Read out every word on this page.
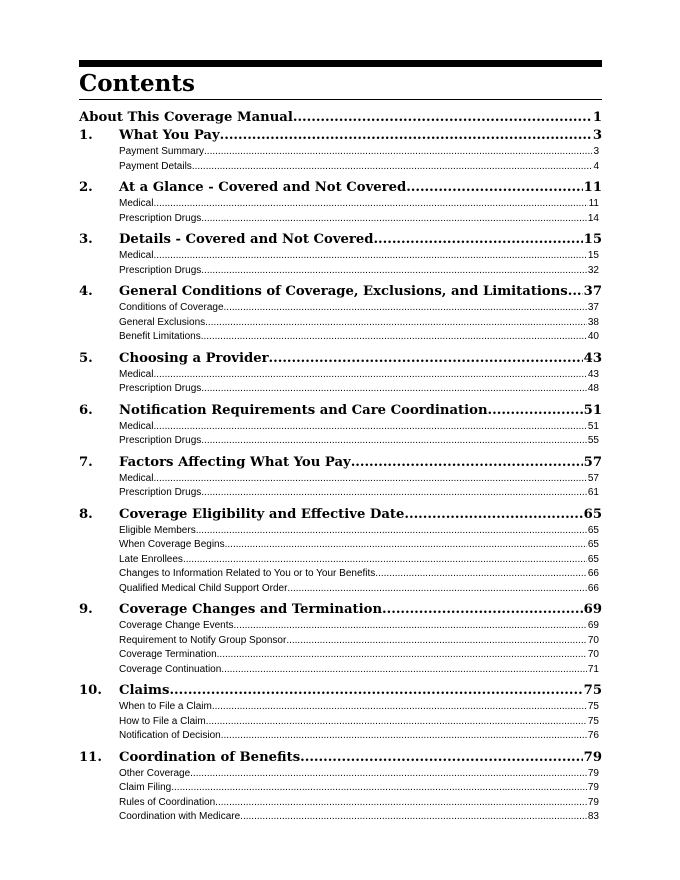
Contents
About This Coverage Manual .....	1
1.	What You Pay .....	3
Payment Summary .....	3
Payment Details .....	4
2.	At a Glance - Covered and Not Covered .....	11
Medical .....	11
Prescription Drugs .....	14
3.	Details - Covered and Not Covered .....	15
Medical .....	15
Prescription Drugs .....	32
4.	General Conditions of Coverage, Exclusions, and Limitations ..... 37
Conditions of Coverage .....	37
General Exclusions .....	38
Benefit Limitations .....	40
5.	Choosing a Provider .....	43
Medical .....	43
Prescription Drugs .....	48
6.	Notification Requirements and Care Coordination .....	51
Medical .....	51
Prescription Drugs .....	55
7.	Factors Affecting What You Pay .....	57
Medical .....	57
Prescription Drugs .....	61
8.	Coverage Eligibility and Effective Date .....	65
Eligible Members .....	65
When Coverage Begins .....	65
Late Enrollees .....	65
Changes to Information Related to You or to Your Benefits .....	66
Qualified Medical Child Support Order .....	66
9.	Coverage Changes and Termination .....	69
Coverage Change Events .....	69
Requirement to Notify Group Sponsor .....	70
Coverage Termination .....	70
Coverage Continuation .....	71
10.	Claims .....	75
When to File a Claim .....	75
How to File a Claim .....	75
Notification of Decision .....	76
11.	Coordination of Benefits .....	79
Other Coverage .....	79
Claim Filing .....	79
Rules of Coordination .....	79
Coordination with Medicare .....	83
